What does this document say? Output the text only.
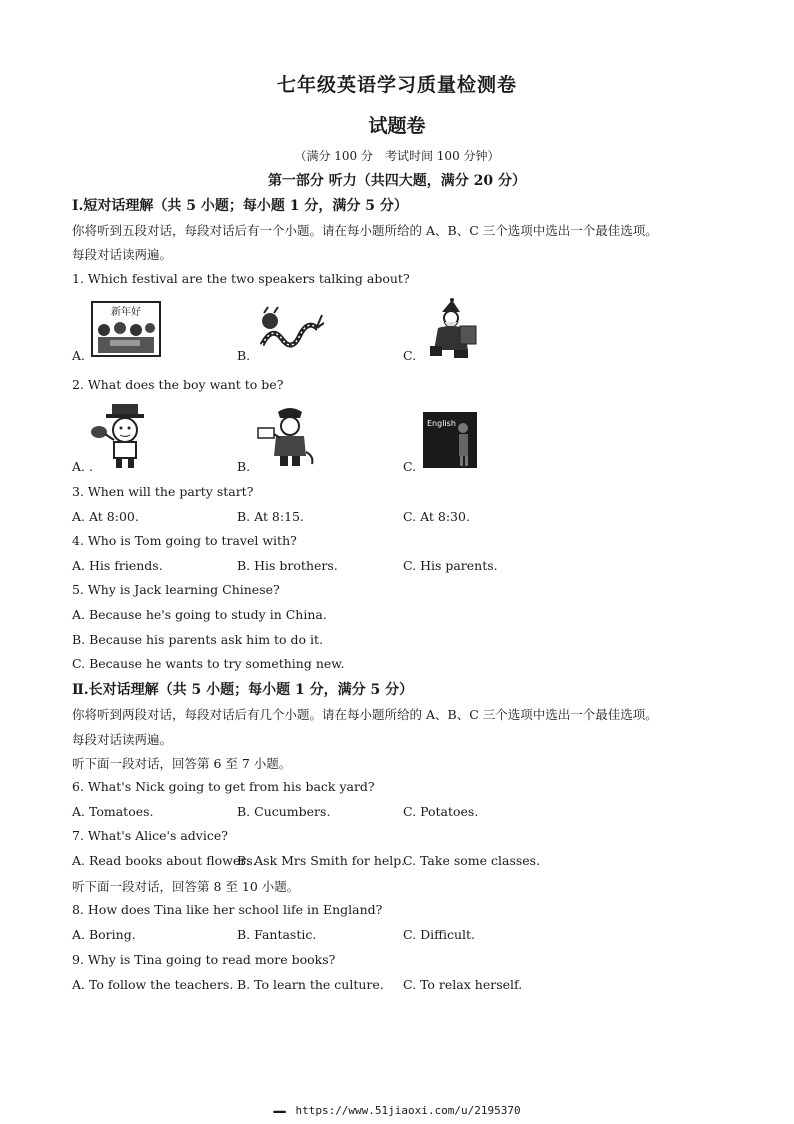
七年级英语学习质量检测卷
试题卷
（满分 100 分　考试时间 100 分钟）
第一部分 听力（共四大题，满分 20 分）
Ⅰ.短对话理解（共 5 小题；每小题 1 分，满分 5 分）
你将听到五段对话，每段对话后有一个小题。请在每小题所给的 A、B、C 三个选项中选出一个最佳选项。
每段对话读两遍。
1. Which festival are the two speakers talking about?
新年好
A.	B.	C.
2. What does the boy want to be?
English
A. .	B.	C.
3. When will the party start?
A. At 8:00.	B. At 8:15.	C. At 8:30.
4. Who is Tom going to travel with?
A. His friends.	B. His brothers.	C. His parents.
5. Why is Jack learning Chinese?
A. Because he's going to study in China.
B. Because his parents ask him to do it.
C. Because he wants to try something new.
Ⅱ.长对话理解（共 5 小题；每小题 1 分，满分 5 分）
你将听到两段对话，每段对话后有几个小题。请在每小题所给的 A、B、C 三个选项中选出一个最佳选项。
每段对话读两遍。
听下面一段对话，回答第 6 至 7 小题。
6. What's Nick going to get from his back yard?
A. Tomatoes.	B. Cucumbers.	C. Potatoes.
7. What's Alice's advice?
A. Read books about flowers.
B. Ask Mrs Smith for help.
C. Take some classes.
听下面一段对话，回答第 8 至 10 小题。
8. How does Tina like her school life in England?
A. Boring.	B. Fantastic.	C. Difficult.
9. Why is Tina going to read more books?
A. To follow the teachers. B. To learn the culture. C. To relax herself.
▬▬▬ https://www.51jiaoxi.com/u/2195370
